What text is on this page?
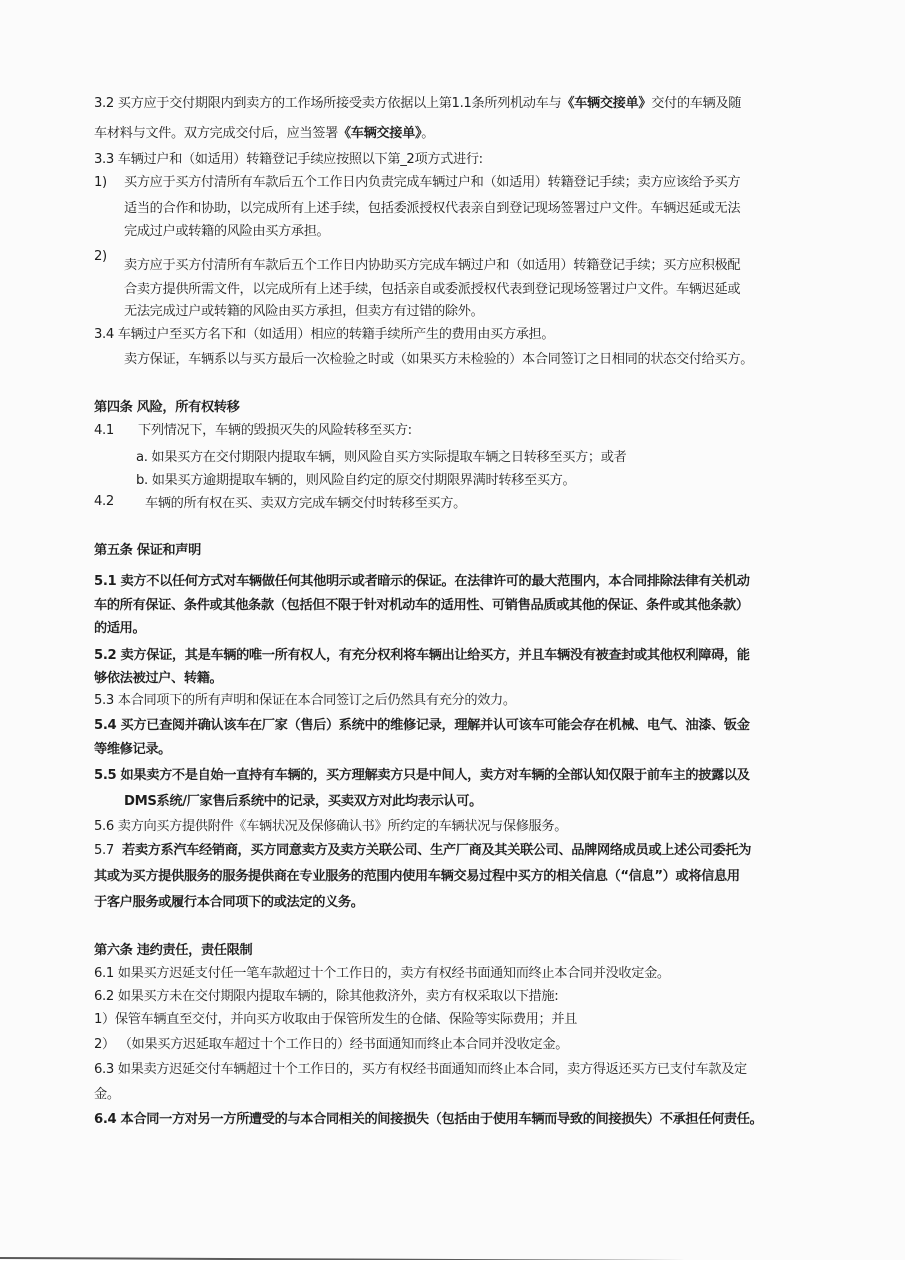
3.2 买方应于交付期限内到卖方的工作场所接受卖方依据以上第1.1条所列机动车与《车辆交接单》交付的车辆及随
车材料与文件。双方完成交付后，应当签署《车辆交接单》。
3.3 车辆过户和（如适用）转籍登记手续应按照以下第_2项方式进行:
1) 买方应于买方付清所有车款后五个工作日内负责完成车辆过户和（如适用）转籍登记手续；卖方应该给予买方
适当的合作和协助，以完成所有上述手续，包括委派授权代表亲自到登记现场签署过户文件。车辆迟延或无法
完成过户或转籍的风险由买方承担。
2)
卖方应于买方付清所有车款后五个工作日内协助买方完成车辆过户和（如适用）转籍登记手续；买方应积极配
合卖方提供所需文件，以完成所有上述手续，包括亲自或委派授权代表到登记现场签署过户文件。车辆迟延或
无法完成过户或转籍的风险由买方承担，但卖方有过错的除外。
3.4 车辆过户至买方名下和（如适用）相应的转籍手续所产生的费用由买方承担。
卖方保证，车辆系以与买方最后一次检验之时或（如果买方未检验的）本合同签订之日相同的状态交付给买方。
第四条 风险，所有权转移
4.1 下列情况下，车辆的毁损灭失的风险转移至买方:
a. 如果买方在交付期限内提取车辆，则风险自买方实际提取车辆之日转移至买方；或者
b. 如果买方逾期提取车辆的，则风险自约定的原交付期限界满时转移至买方。
4.2 车辆的所有权在买、卖双方完成车辆交付时转移至买方。
第五条 保证和声明
5.1 卖方不以任何方式对车辆做任何其他明示或者暗示的保证。在法律许可的最大范围内，本合同排除法律有关机动
车的所有保证、条件或其他条款（包括但不限于针对机动车的适用性、可销售品质或其他的保证、条件或其他条款）
的适用。
5.2 卖方保证，其是车辆的唯一所有权人，有充分权利将车辆出让给买方，并且车辆没有被查封或其他权利障碍，能
够依法被过户、转籍。
5.3 本合同项下的所有声明和保证在本合同签订之后仍然具有充分的效力。
5.4 买方已查阅并确认该车在厂家（售后）系统中的维修记录，理解并认可该车可能会存在机械、电气、油漆、钣金
等维修记录。
5.5 如果卖方不是自始一直持有车辆的，买方理解卖方只是中间人，卖方对车辆的全部认知仅限于前车主的披露以及
DMS系统/厂家售后系统中的记录，买卖双方对此均表示认可。
5.6 卖方向买方提供附件《车辆状况及保修确认书》所约定的车辆状况与保修服务。
5.7 若卖方系汽车经销商，买方同意卖方及卖方关联公司、生产厂商及其关联公司、品牌网络成员或上述公司委托为
其或为买方提供服务的服务提供商在专业服务的范围内使用车辆交易过程中买方的相关信息（“信息”）或将信息用
于客户服务或履行本合同项下的或法定的义务。
第六条 违约责任，责任限制
6.1 如果买方迟延支付任一笔车款超过十个工作日的，卖方有权经书面通知而终止本合同并没收定金。
6.2 如果买方未在交付期限内提取车辆的，除其他救济外，卖方有权采取以下措施:
1）保管车辆直至交付，并向买方收取由于保管所发生的仓储、保险等实际费用；并且
2） （如果买方迟延取车超过十个工作日的）经书面通知而终止本合同并没收定金。
6.3 如果卖方迟延交付车辆超过十个工作日的，买方有权经书面通知而终止本合同，卖方得返还买方已支付车款及定
金。
6.4 本合同一方对另一方所遭受的与本合同相关的间接损失（包括由于使用车辆而导致的间接损失）不承担任何责任。
